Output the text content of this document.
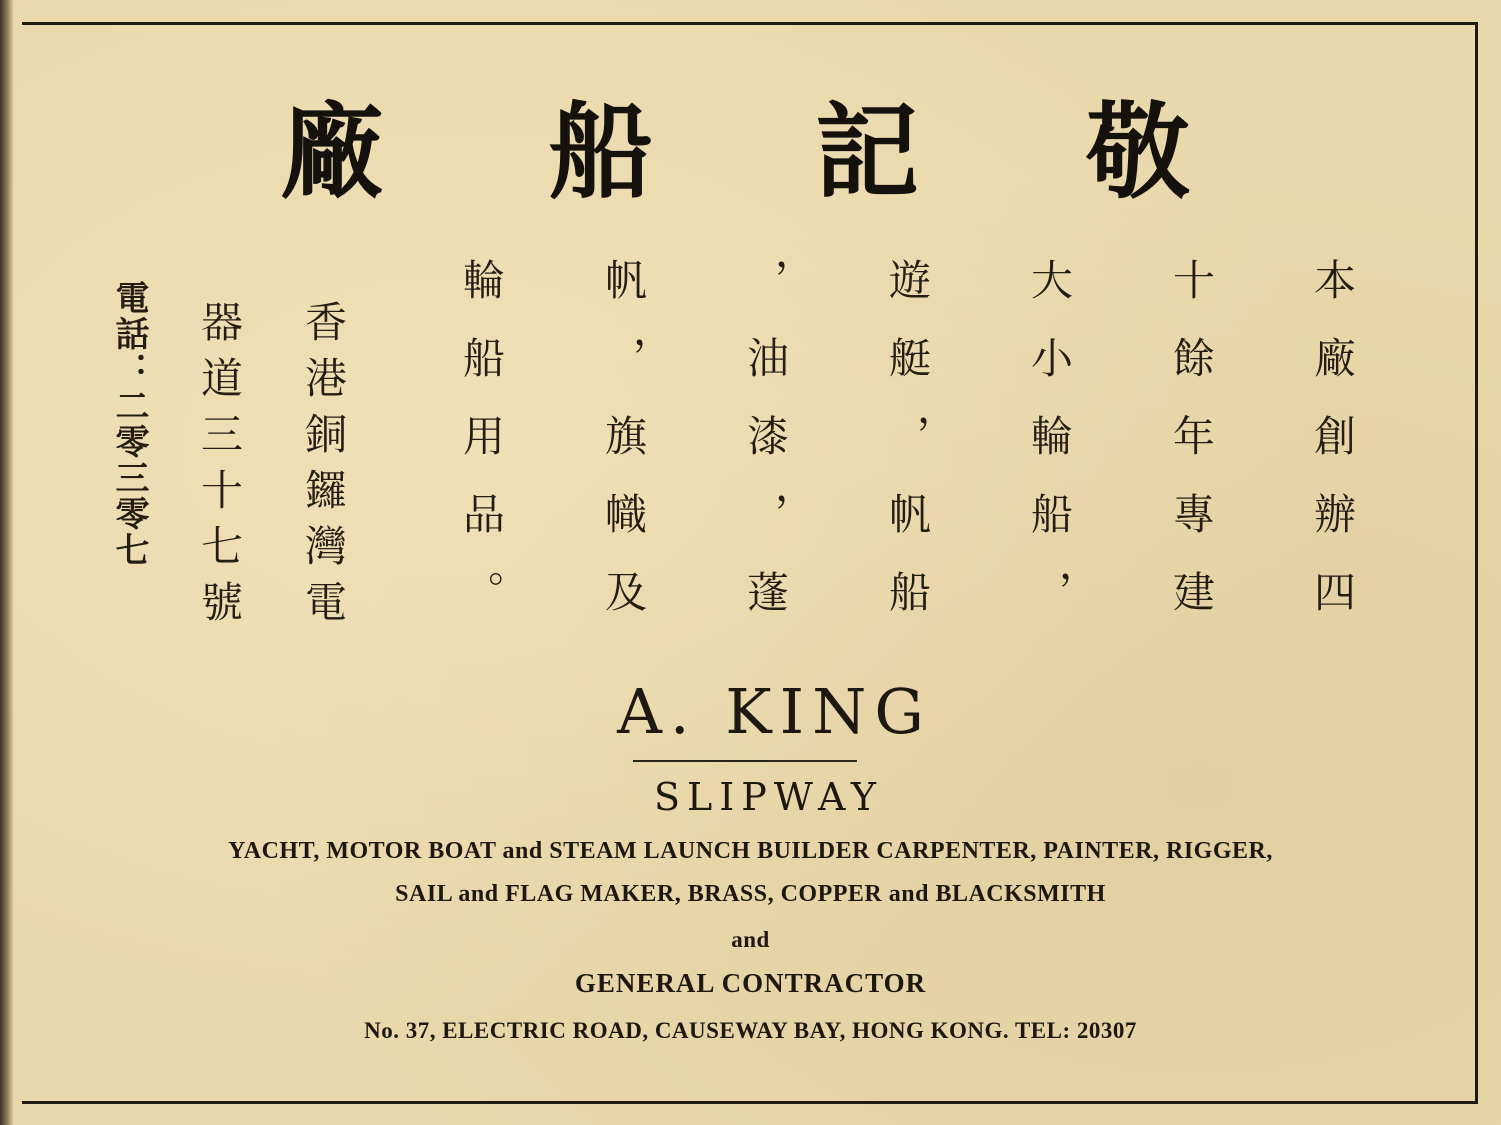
敬
記
船
廠
本廠創辦四
十餘年專建
大小輪船，
遊艇，帆船
，油漆，蓬
帆，旗幟及
輪船用品。
香港銅鑼灣電
器道三十七號
電話：二零三零七
A. KING
SLIPWAY
YACHT, MOTOR BOAT and STEAM LAUNCH BUILDER CARPENTER, PAINTER, RIGGER,
SAIL and FLAG MAKER, BRASS, COPPER and BLACKSMITH
and
GENERAL CONTRACTOR
No. 37, ELECTRIC ROAD, CAUSEWAY BAY, HONG KONG. TEL: 20307
